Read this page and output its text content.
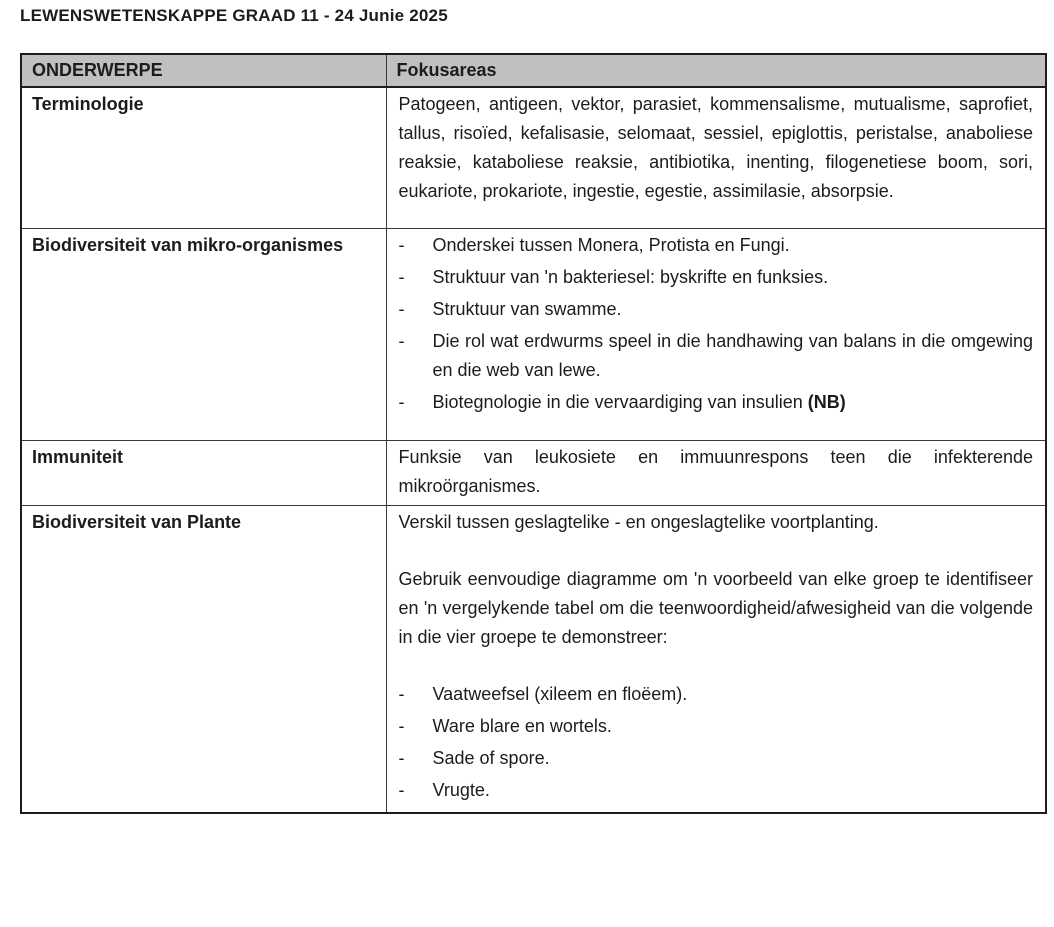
LEWENSWETENSKAPPE GRAAD 11 - 24 Junie 2025
ONDERWERPE	Fokusareas
Terminologie	Patogeen, antigeen, vektor, parasiet, kommensalisme, mutualisme, saprofiet, tallus, risoïed, kefalisasie, selomaat, sessiel, epiglottis, peristalse, anaboliese reaksie, kataboliese reaksie, antibiotika, inenting, filogenetiese boom, sori, eukariote, prokariote, ingestie, egestie, assimilasie, absorpsie.

Biodiversiteit van mikro-organismes	-	Onderskei tussen Monera, Protista en Fungi.
-	Struktuur van 'n bakteriesel: byskrifte en funksies.
-	Struktuur van swamme.
-	Die rol wat erdwurms speel in die handhawing van balans in die omgewing en die web van lewe.
-	Biotegnologie in die vervaardiging van insulien (NB)

Immuniteit	Funksie van leukosiete en immuunrespons teen die infekterende mikroörganismes.

Biodiversiteit van Plante	Verskil tussen geslagtelike - en ongeslagtelike voortplanting.

Gebruik eenvoudige diagramme om 'n voorbeeld van elke groep te identifiseer en 'n vergelykende tabel om die teenwoordigheid/afwesigheid van die volgende in die vier groepe te demonstreer:

-	Vaatweefsel (xileem en floëem).
-	Ware blare en wortels.
-	Sade of spore.
-	Vrugte.
